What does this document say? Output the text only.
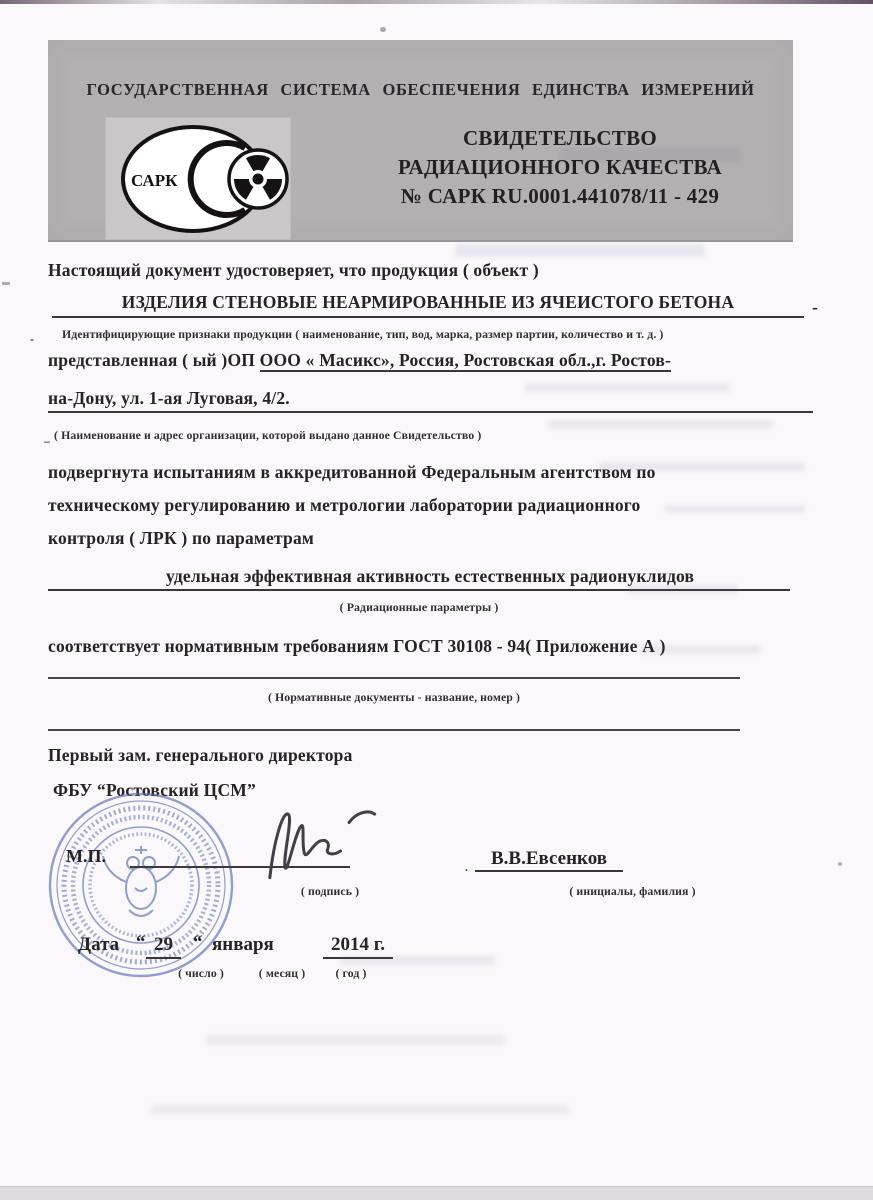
ГОСУДАРСТВЕННАЯ СИСТЕМА ОБЕСПЕЧЕНИЯ ЕДИНСТВА ИЗМЕРЕНИЙ
САРК
СВИДЕТЕЛЬСТВО
РАДИАЦИОННОГО КАЧЕСТВА
№ САРК RU.0001.441078/11 - 429
Настоящий документ удостоверяет, что продукция ( объект )
ИЗДЕЛИЯ СТЕНОВЫЕ НЕАРМИРОВАННЫЕ ИЗ ЯЧЕИСТОГО БЕТОНА	-
- Идентифицирующие признаки продукции ( наименование, тип, вод, марка, размер партии, количество и т. д. )
представленная ( ый )ОП ООО « Масикс», Россия, Ростовская обл.,г. Ростов-
на-Дону, ул. 1-ая Луговая, 4/2.
_ ( Наименование и адрес организации, которой выдано данное Свидетельство )
подвергнута испытаниям в аккредитованной Федеральным агентством по
техническому регулированию и метрологии лаборатории радиационного
контроля ( ЛРК ) по параметрам
удельная эффективная активность естественных радионуклидов
( Радиационные параметры )
соответствует нормативным требованиям ГОСТ 30108 - 94( Приложение А )
( Нормативные документы - название, номер )
Первый зам. генерального директора
ФБУ “Ростовский ЦСМ”
М.П.
( подпись )
. В.В.Евсенков
( инициалы, фамилия )
Дата “ 29	“ января	2014 г.
( число )	( месяц )	( год )
